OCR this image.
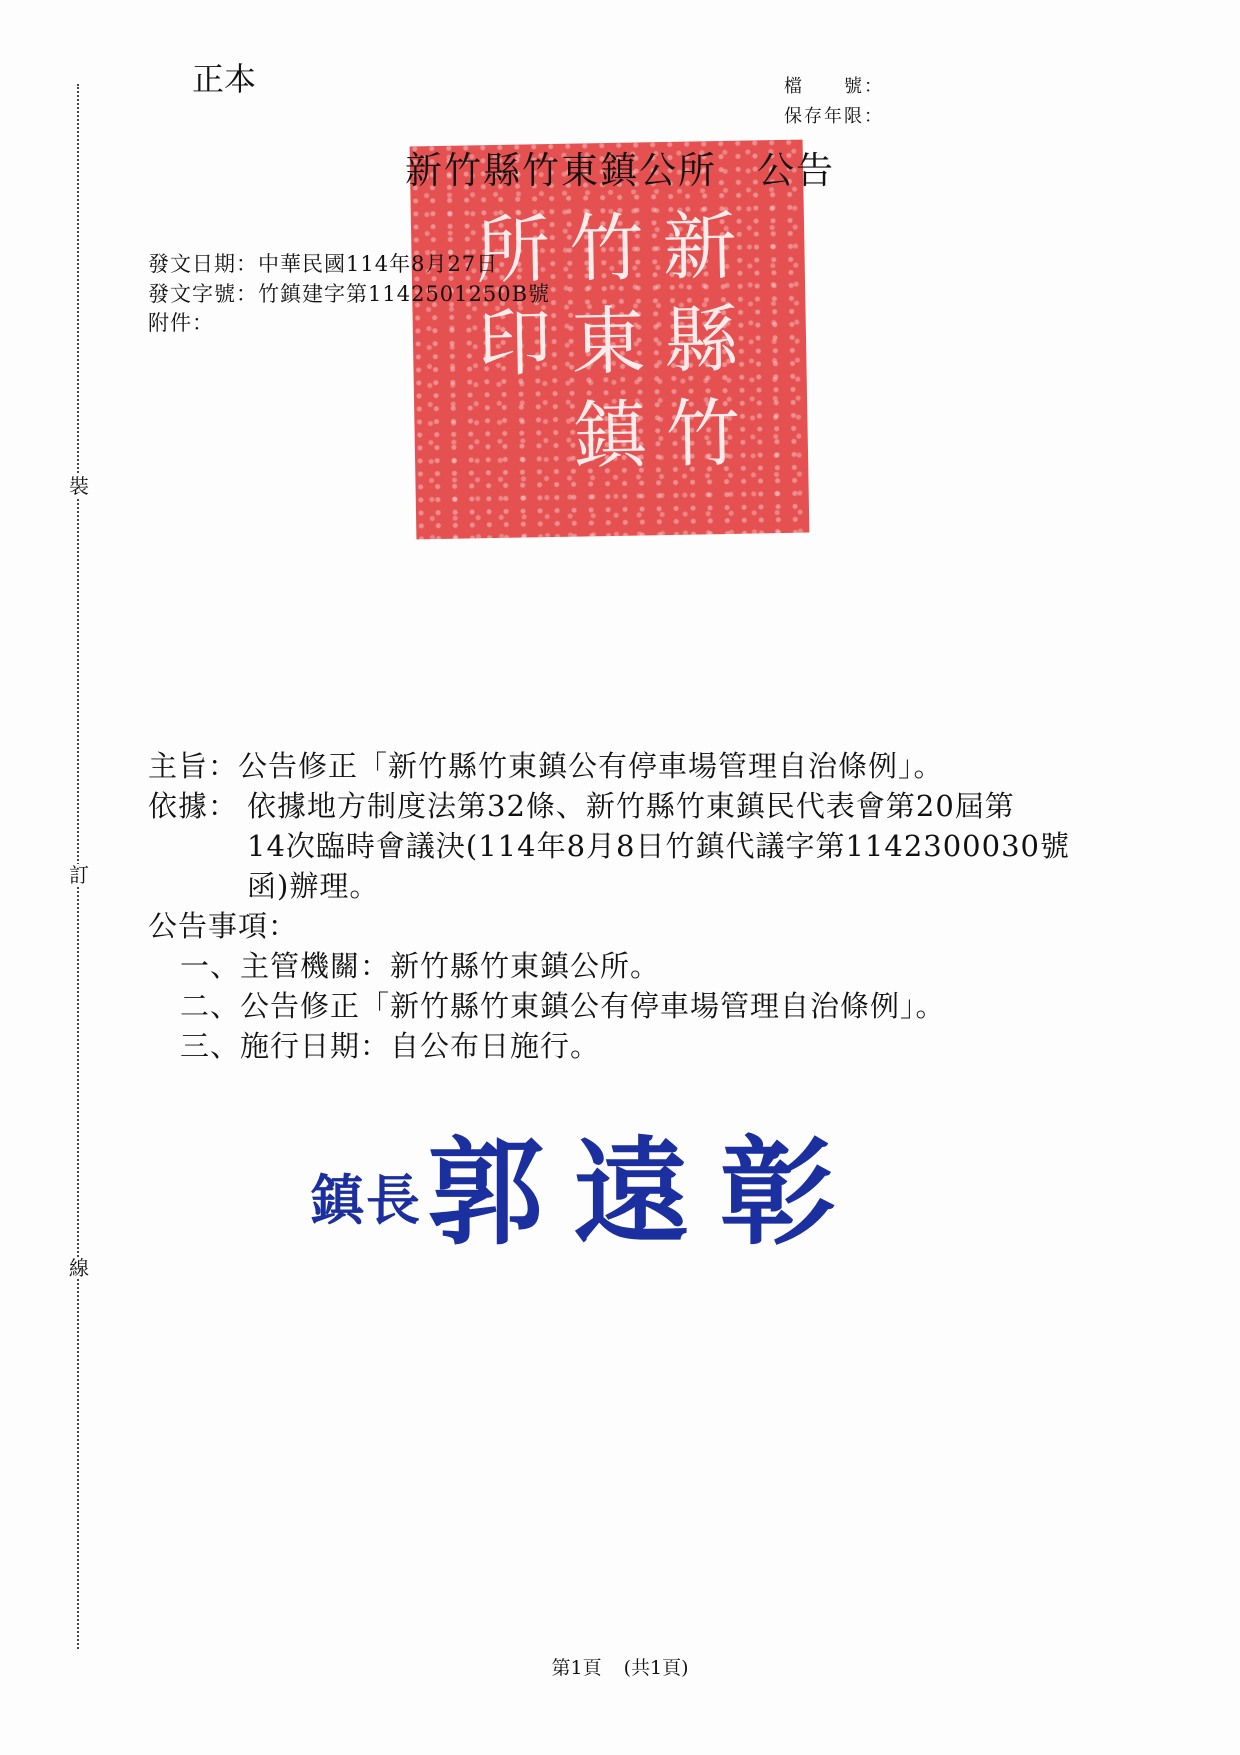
裝
訂
線
正本	檔　　號：
保存年限：
新
竹
所
縣
東
印
竹
鎮
新竹縣竹東鎮公所 公告
發文日期：中華民國114年8月27日
發文字號：竹鎮建字第1142501250B號
附件：
主旨：公告修正「新竹縣竹東鎮公有停車場管理自治條例」。
依據： 依據地方制度法第32條、新竹縣竹東鎮民代表會第20屆第
14次臨時會議決(114年8月8日竹鎮代議字第1142300030號
函)辦理。
公告事項：
一、主管機關：新竹縣竹東鎮公所。
二、公告修正「新竹縣竹東鎮公有停車場管理自治條例」。
三、施行日期：自公布日施行。
鎮長 郭遠彰
第1頁 (共1頁)
